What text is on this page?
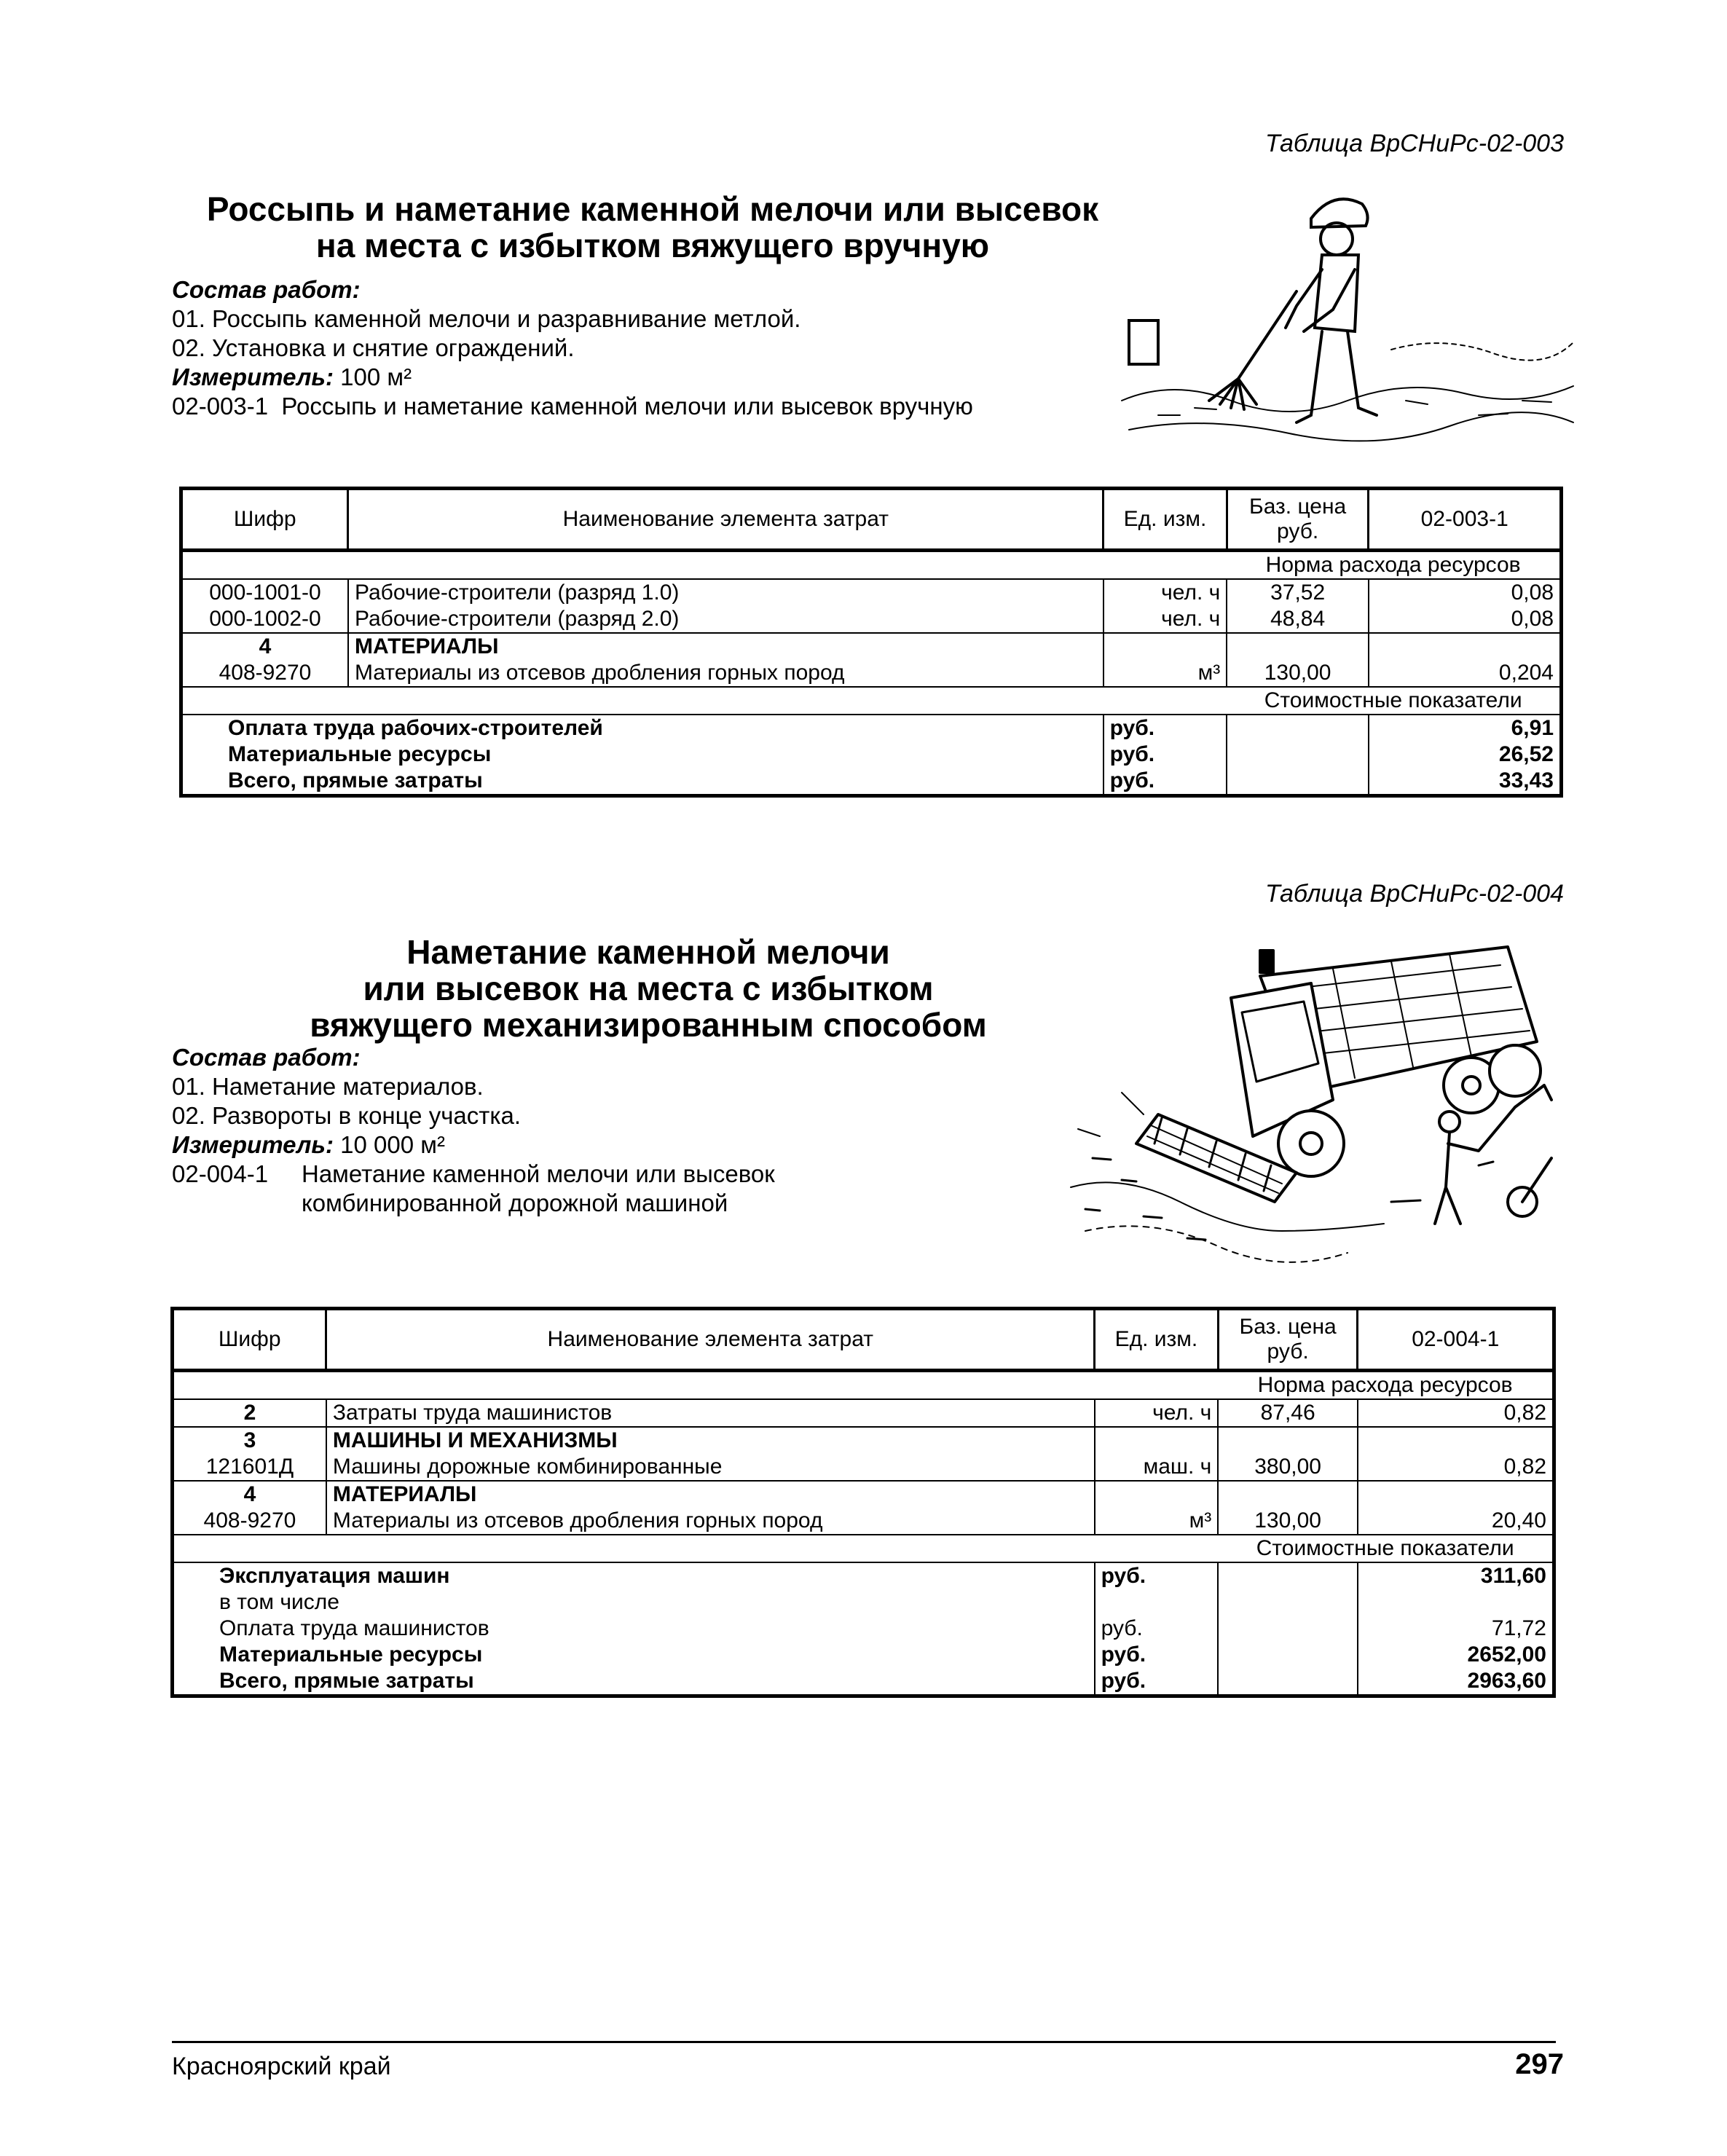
Таблица ВрСНиРс-02-003
Россыпь и наметание каменной мелочи или высевок
на места с избытком вяжущего вручную
Состав работ:
01. Россыпь каменной мелочи и разравнивание метлой.
02. Установка и снятие ограждений.
Измеритель: 100 м²
02-003-1  Россыпь и наметание каменной мелочи или высевок вручную
Шифр	Наименование элемента затрат	Ед. изм.	Баз. цена руб.	02-003-1
			Норма расхода ресурсов	
000-1001-0	Рабочие-строители (разряд 1.0)	чел. ч	37,52	0,08
000-1002-0	Рабочие-строители (разряд 2.0)	чел. ч	48,84	0,08
4	МАТЕРИАЛЫ			
408-9270	Материалы из отсевов дробления горных пород	м³	130,00	0,204
			Стоимостные показатели	
Оплата труда рабочих-строителей		руб.		6,91
Материальные ресурсы		руб.		26,52
Всего, прямые затраты		руб.		33,43
Таблица ВрСНиРс-02-004
Наметание каменной мелочи
или высевок на места с избытком
вяжущего механизированным способом
Состав работ:
01. Наметание материалов.
02. Развороты в конце участка.
Измеритель: 10 000 м²
02-004-1	Наметание каменной мелочи или высевок
комбинированной дорожной машиной
Шифр	Наименование элемента затрат	Ед. изм.	Баз. цена руб.	02-004-1
			Норма расхода ресурсов	
2	Затраты труда машинистов	чел. ч	87,46	0,82
3	МАШИНЫ И МЕХАНИЗМЫ			
121601Д	Машины дорожные комбинированные	маш. ч	380,00	0,82
4	МАТЕРИАЛЫ			
408-9270	Материалы из отсевов дробления горных пород	м³	130,00	20,40
			Стоимостные показатели	
Эксплуатация машин		руб.		311,60
в том числе				
Оплата труда машинистов		руб.		71,72
Материальные ресурсы		руб.		2652,00
Всего, прямые затраты		руб.		2963,60
Красноярский край	297
